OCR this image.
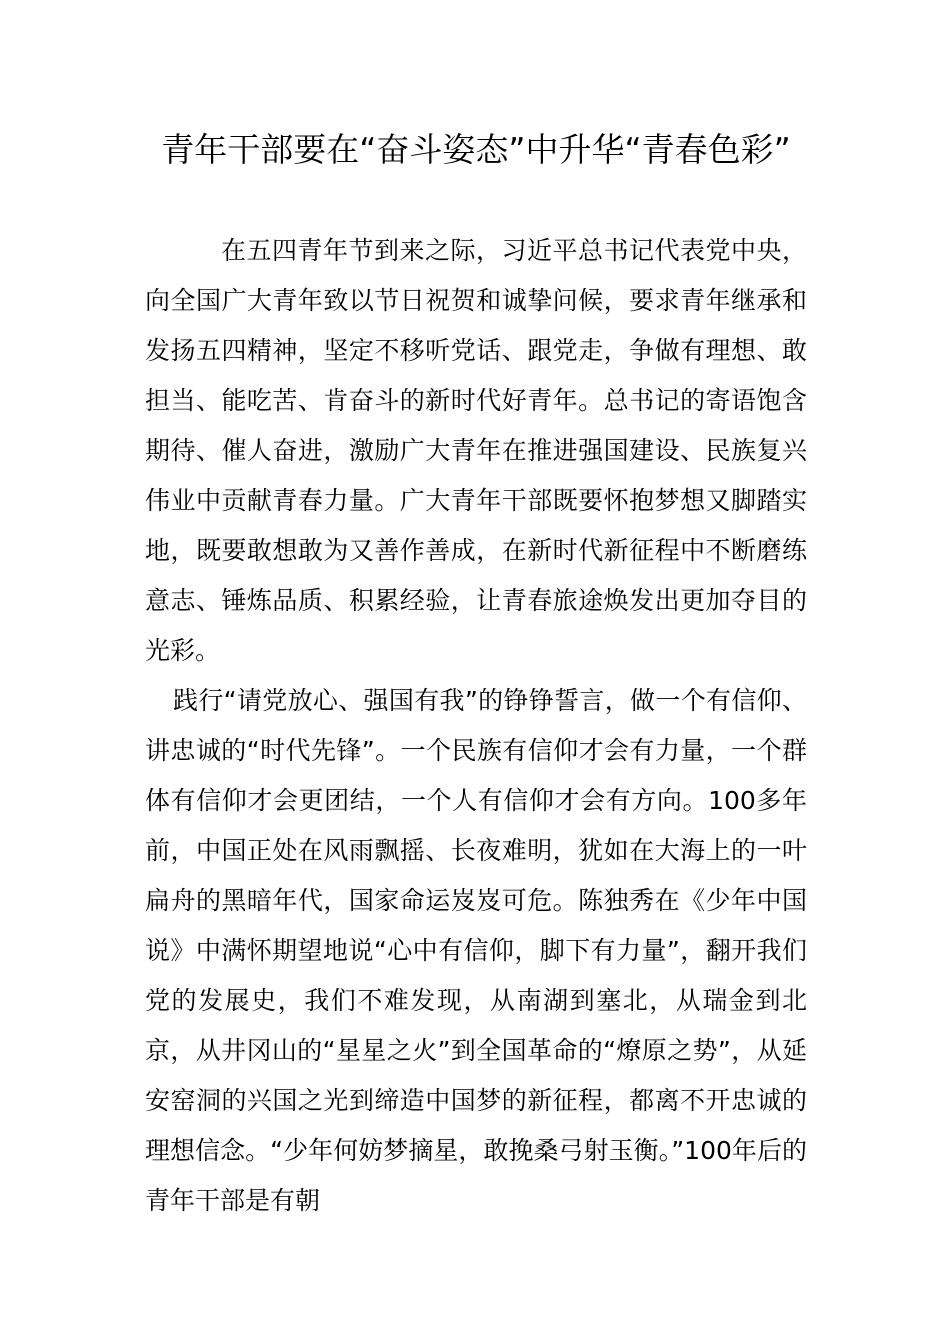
青年干部要在“奋斗姿态”中升华“青春色彩”

在五四青年节到来之际，习近平总书记代表党中央，向全国广大青年致以节日祝贺和诚挚问候，要求青年继承和发扬五四精神，坚定不移听党话、跟党走，争做有理想、敢担当、能吃苦、肯奋斗的新时代好青年。总书记的寄语饱含期待、催人奋进，激励广大青年在推进强国建设、民族复兴伟业中贡献青春力量。广大青年干部既要怀抱梦想又脚踏实地，既要敢想敢为又善作善成，在新时代新征程中不断磨练意志、锤炼品质、积累经验，让青春旅途焕发出更加夺目的光彩。

践行“请党放心、强国有我”的铮铮誓言，做一个有信仰、讲忠诚的“时代先锋”。一个民族有信仰才会有力量，一个群体有信仰才会更团结，一个人有信仰才会有方向。100多年前，中国正处在风雨飘摇、长夜难明，犹如在大海上的一叶扁舟的黑暗年代，国家命运岌岌可危。陈独秀在《少年中国说》中满怀期望地说“心中有信仰，脚下有力量”，翻开我们党的发展史，我们不难发现，从南湖到塞北，从瑞金到北京，从井冈山的“星星之火”到全国革命的“燎原之势”，从延安窑洞的兴国之光到缔造中国梦的新征程，都离不开忠诚的理想信念。“少年何妨梦摘星，敢挽桑弓射玉衡。”100年后的青年干部是有朝
